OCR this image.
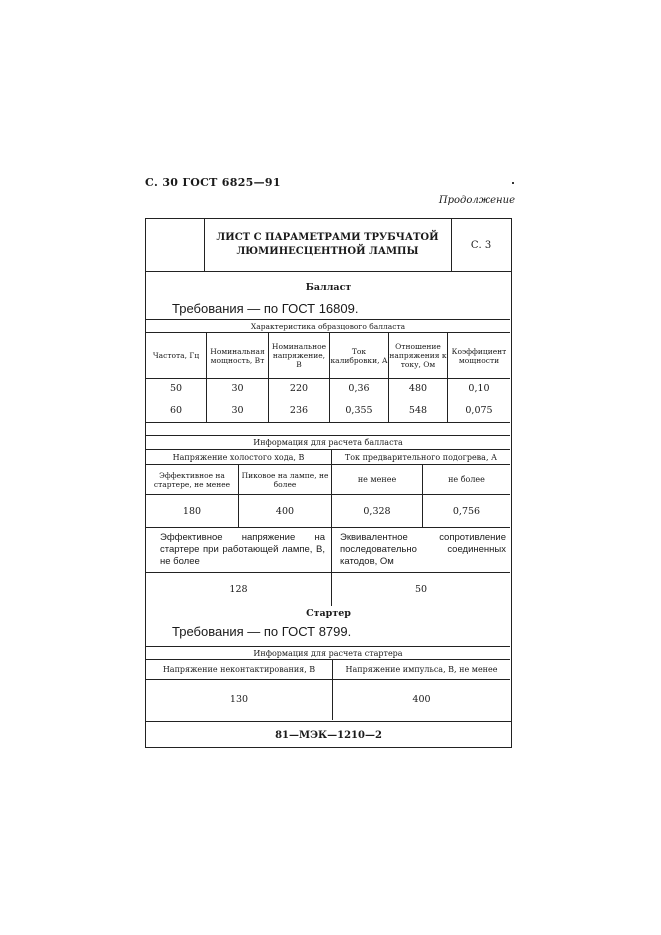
С. 30 ГОСТ 6825—91
Продолжение
ЛИСТ С ПАРАМЕТРАМИ ТРУБЧАТОЙ
ЛЮМИНЕСЦЕНТНОЙ ЛАМПЫ
С. 3
Балласт
Требования — по ГОСТ 16809.
Характеристика образцового балласта					
Частота, Гц	Номинальная мощность, Вт	Номинальное напряжение, В	Ток калибровки, А	Отношение напряжения к току, Ом	Коэффициент мощности
50	30	220	0,36	480	0,10
60	30	236	0,355	548	0,075
Информация для расчета балласта			
Напряжение холостого хода, В		Ток предварительного подогрева, А	
Эффективное на стартере, не менее	Пиковое на лампе, не более	не менее	не более
180	400	0,328	0,756
Эффективное напряжение на стартере при работающей лампе, В, не более		Эквивалентное сопротивление последовательно соединенных катодов, Ом	
128		50	
Стартер
Требования — по ГОСТ 8799.
Информация для расчета стартера	
Напряжение неконтактирования, В	Напряжение импульса, В, не менее
130	400
81—МЭК—1210—2
